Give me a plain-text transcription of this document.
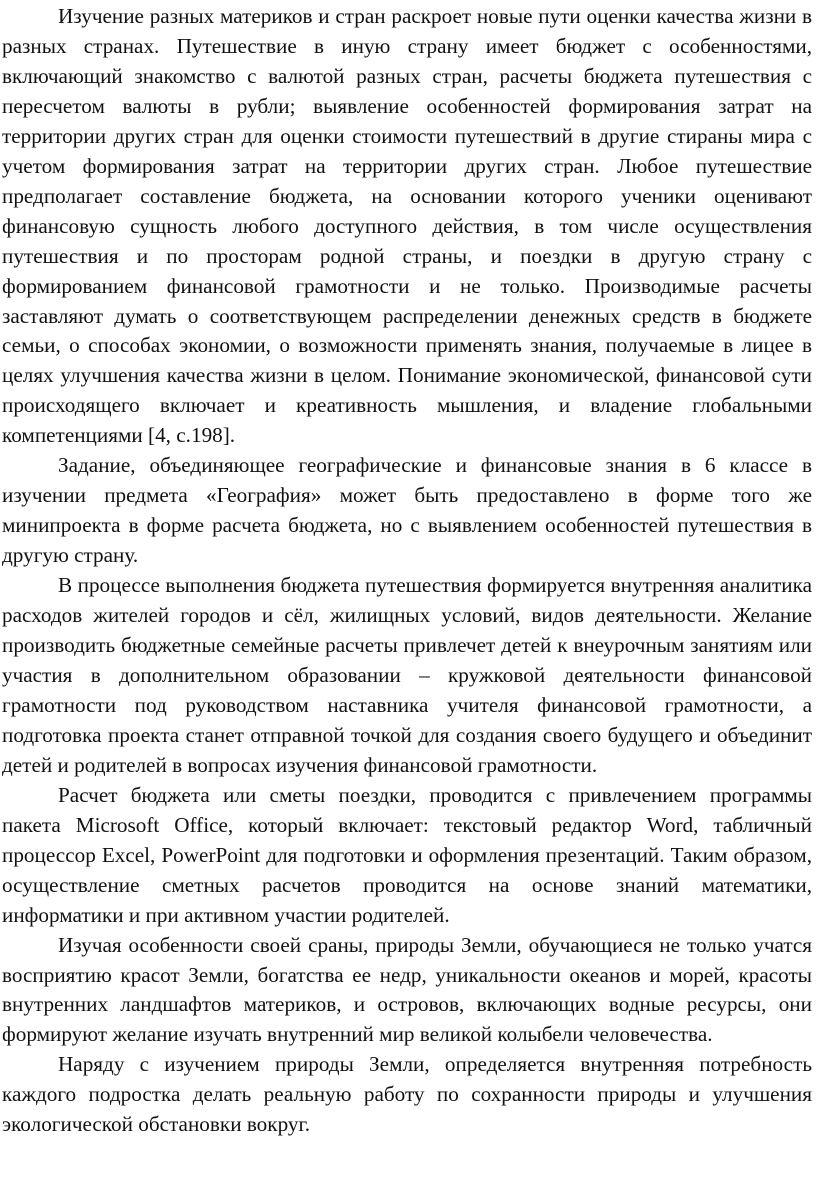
Изучение разных материков и стран раскроет новые пути оценки качества жизни в разных странах. Путешествие в иную страну имеет бюджет с особенностями, включающий знакомство с валютой разных стран, расчеты бюджета путешествия с пересчетом валюты в рубли; выявление особенностей формирования затрат на территории других стран для оценки стоимости путешествий в другие стираны мира с учетом формирования затрат на территории других стран. Любое путешествие предполагает составление бюджета, на основании которого ученики оценивают финансовую сущность любого доступного действия, в том числе осуществления путешествия и по просторам родной страны, и поездки в другую страну с формированием финансовой грамотности и не только. Производимые расчеты заставляют думать о соответствующем распределении денежных средств в бюджете семьи, о способах экономии, о возможности применять знания, получаемые в лицее в целях улучшения качества жизни в целом. Понимание экономической, финансовой сути происходящего включает и креативность мышления, и владение глобальными компетенциями [4, с.198].

Задание, объединяющее географические и финансовые знания в 6 классе в изучении предмета «География» может быть предоставлено в форме того же минипроекта в форме расчета бюджета, но с выявлением особенностей путешествия в другую страну.

В процессе выполнения бюджета путешествия формируется внутренняя аналитика расходов жителей городов и сёл, жилищных условий, видов деятельности. Желание производить бюджетные семейные расчеты привлечет детей к внеурочным занятиям или участия в дополнительном образовании – кружковой деятельности финансовой грамотности под руководством наставника учителя финансовой грамотности, а подготовка проекта станет отправной точкой для создания своего будущего и объединит детей и родителей в вопросах изучения финансовой грамотности.

Расчет бюджета или сметы поездки, проводится с привлечением программы пакета Microsoft Office, который включает: текстовый редактор Word, табличный процессор Excel, PowerPoint для подготовки и оформления презентаций. Таким образом, осуществление сметных расчетов проводится на основе знаний математики, информатики и при активном участии родителей.

Изучая особенности своей сраны, природы Земли, обучающиеся не только учатся восприятию красот Земли, богатства ее недр, уникальности океанов и морей, красоты внутренних ландшафтов материков, и островов, включающих водные ресурсы, они формируют желание изучать внутренний мир великой колыбели человечества.

Наряду с изучением природы Земли, определяется внутренняя потребность каждого подростка делать реальную работу по сохранности природы и улучшения экологической обстановки вокруг.
